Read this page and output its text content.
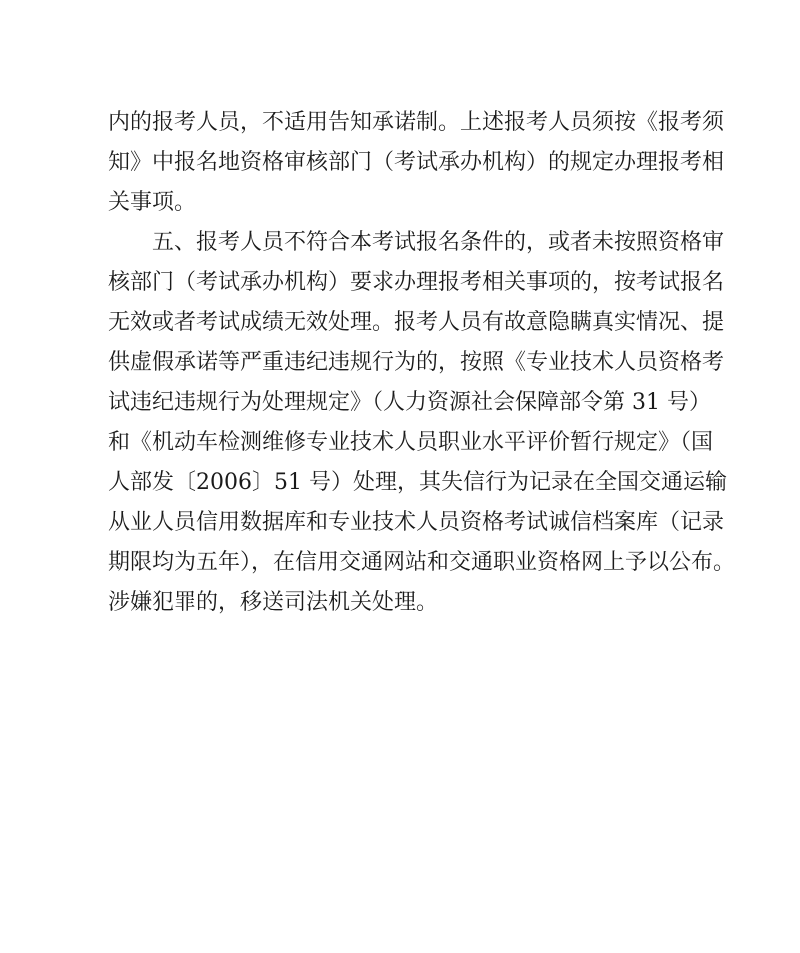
内的报考人员，不适用告知承诺制。上述报考人员须按《报考须
知》中报名地资格审核部门（考试承办机构）的规定办理报考相
关事项。
五、报考人员不符合本考试报名条件的，或者未按照资格审
核部门（考试承办机构）要求办理报考相关事项的，按考试报名
无效或者考试成绩无效处理。报考人员有故意隐瞒真实情况、提
供虚假承诺等严重违纪违规行为的，按照《专业技术人员资格考
试违纪违规行为处理规定》（人力资源社会保障部令第 31 号）
和《机动车检测维修专业技术人员职业水平评价暂行规定》（国
人部发〔2006〕51 号）处理，其失信行为记录在全国交通运输
从业人员信用数据库和专业技术人员资格考试诚信档案库（记录
期限均为五年），在信用交通网站和交通职业资格网上予以公布。
涉嫌犯罪的，移送司法机关处理。
